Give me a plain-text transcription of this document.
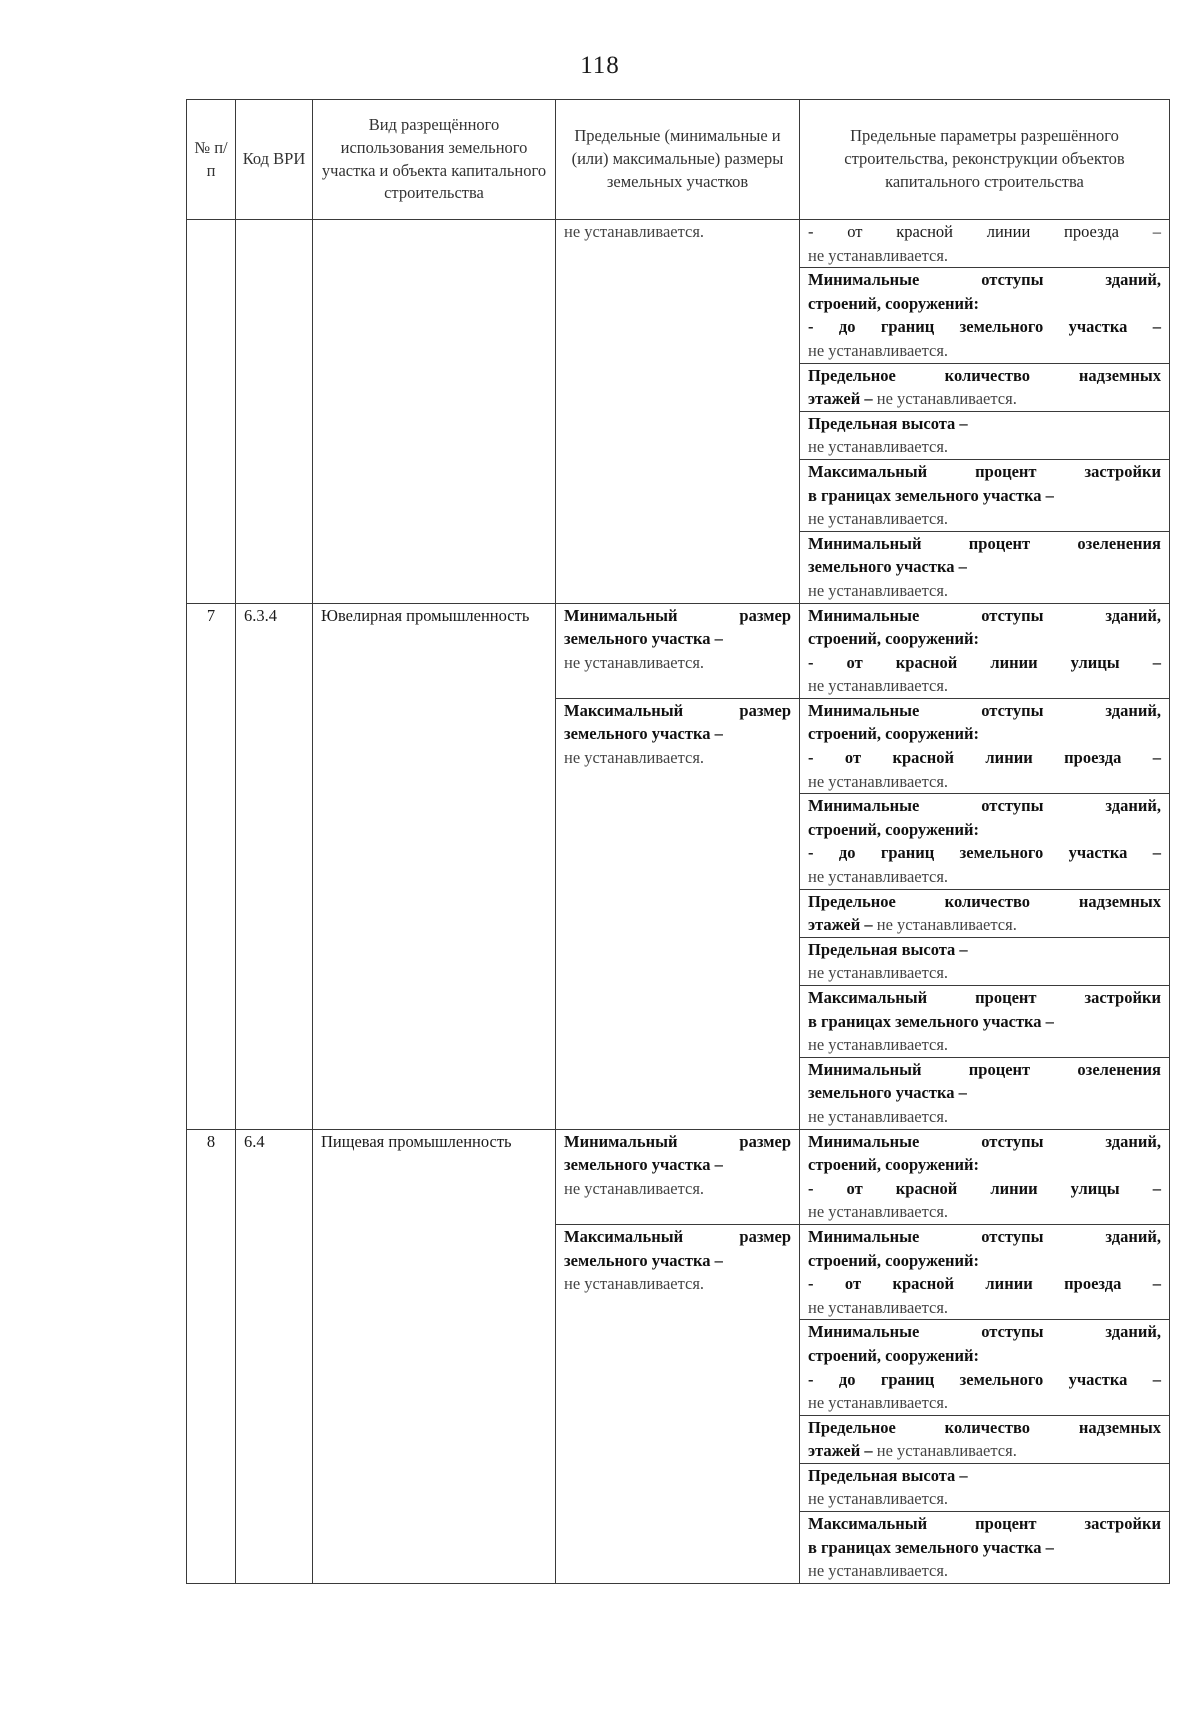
118
№ п/п	Код ВРИ	Вид разрещённого использования земельного участка и объекта капитального строительства	Предельные (минимальные и (или) максимальные) размеры земельных участков	Предельные параметры разрешённого строительства, реконструкции объектов капитального строительства

			не устанавливается.	- от красной линии проезда –
не устанавливается.

				Минимальные отступы зданий,
строений, сооружений:
- до границ земельного участка –
не устанавливается.

				Предельное количество надземных
этажей – не устанавливается.

				Предельная высота –
не устанавливается.

				Максимальный процент застройки
в границах земельного участка –
не устанавливается.

				Минимальный процент озеленения
земельного участка –
не устанавливается.

7	6.3.4	Ювелирная промышленность	Минимальный размер
земельного участка –
не устанавливается.	Минимальные отступы зданий,
строений, сооружений:
- от красной линии улицы –
не устанавливается.

			Максимальный размер
земельного участка –
не устанавливается.	Минимальные отступы зданий,
строений, сооружений:
- от красной линии проезда –
не устанавливается.

				Минимальные отступы зданий,
строений, сооружений:
- до границ земельного участка –
не устанавливается.

				Предельное количество надземных
этажей – не устанавливается.

				Предельная высота –
не устанавливается.

				Максимальный процент застройки
в границах земельного участка –
не устанавливается.

				Минимальный процент озеленения
земельного участка –
не устанавливается.

8	6.4	Пищевая промышленность	Минимальный размер
земельного участка –
не устанавливается.	Минимальные отступы зданий,
строений, сооружений:
- от красной линии улицы –
не устанавливается.

			Максимальный размер
земельного участка –
не устанавливается.	Минимальные отступы зданий,
строений, сооружений:
- от красной линии проезда –
не устанавливается.

				Минимальные отступы зданий,
строений, сооружений:
- до границ земельного участка –
не устанавливается.

				Предельное количество надземных
этажей – не устанавливается.

				Предельная высота –
не устанавливается.

				Максимальный процент застройки
в границах земельного участка –
не устанавливается.
